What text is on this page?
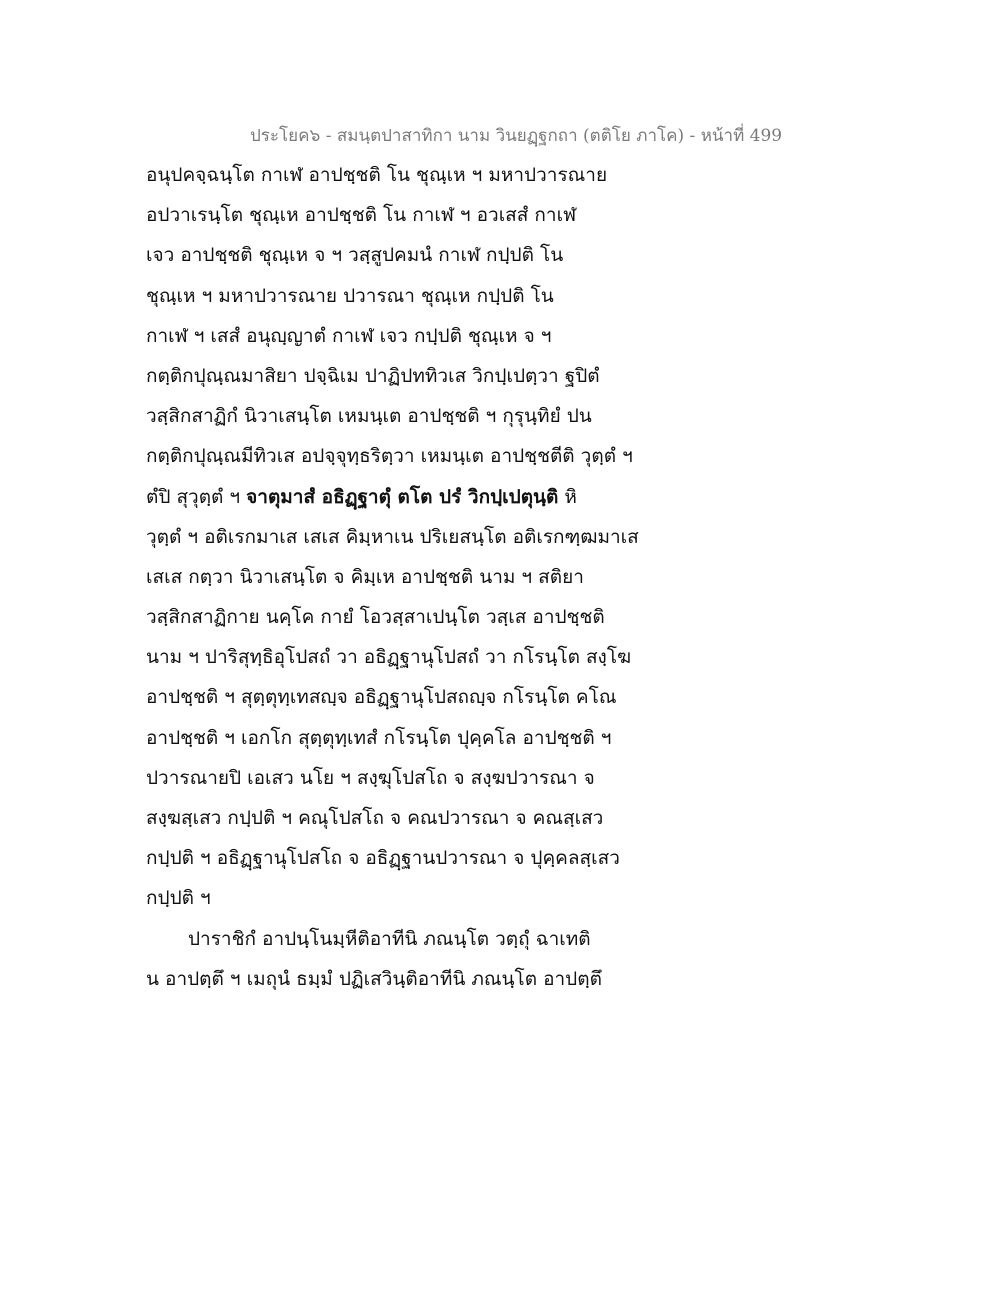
ประโยค๖ - สมนฺตปาสาทิกา นาม วินยฏฺฐกถา (ตติโย ภาโค) - หน้าที่ 499
อนุปคจฺฉนฺโต กาเฬ อาปชฺชติ โน ชุณฺเห ฯ มหาปวารณาย
อปวาเรนฺโต ชุณฺเห อาปชฺชติ โน กาเฬ ฯ อวเสสํ กาเฬ
เจว อาปชฺชติ ชุณฺเห จ ฯ วสฺสูปคมนํ กาเฬ กปฺปติ โน
ชุณฺเห ฯ มหาปวารณาย ปวารณา ชุณฺเห กปฺปติ โน
กาเฬ ฯ เสสํ อนุญฺญาตํ กาเฬ เจว กปฺปติ ชุณฺเห จ ฯ
กตฺติกปุณฺณมาสิยา ปจฺฉิเม ปาฏิปททิวเส วิกปฺเปตฺวา ฐปิตํ
วสฺสิกสาฏิกํ นิวาเสนฺโต เหมนฺเต อาปชฺชติ ฯ กุรุนฺทิยํ ปน
กตฺติกปุณฺณมีทิวเส อปจฺจุทฺธริตฺวา เหมนฺเต อาปชฺชตีติ วุตฺตํ ฯ
ตํปิ สุวุตฺตํ ฯ จาตุมาสํ อธิฏฺฐาตุํ ตโต ปรํ วิกปฺเปตุนฺติ หิ
วุตฺตํ ฯ อติเรกมาเส เสเส คิมฺหาเน ปริเยสนฺโต อติเรกฑฺฒมาเส
เสเส กตฺวา นิวาเสนฺโต จ คิมฺเห อาปชฺชติ นาม ฯ สติยา
วสฺสิกสาฏิกาย นคฺโค กายํ โอวสฺสาเปนฺโต วสฺเส อาปชฺชติ
นาม ฯ ปาริสุทฺธิอุโปสถํ วา อธิฏฺฐานุโปสถํ วา กโรนฺโต สงฺโฆ
อาปชฺชติ ฯ สุตฺตุทฺเทสญฺจ อธิฏฺฐานุโปสถญฺจ กโรนฺโต คโณ
อาปชฺชติ ฯ เอกโก สุตฺตุทฺเทสํ กโรนฺโต ปุคฺคโล อาปชฺชติ ฯ
ปวารณายปิ เอเสว นโย ฯ สงฺฆุโปสโถ จ สงฺฆปวารณา จ
สงฺฆสฺเสว กปฺปติ ฯ คณุโปสโถ จ คณปวารณา จ คณสฺเสว
กปฺปติ ฯ อธิฏฺฐานุโปสโถ จ อธิฏฺฐานปวารณา จ ปุคฺคลสฺเสว
กปฺปติ ฯ
ปาราชิกํ อาปนฺโนมฺหีติอาทีนิ ภณนฺโต วตฺถุํ ฉาเทติ
น อาปตฺตึ ฯ เมถุนํ ธมฺมํ ปฏิเสวินฺติอาทีนิ ภณนฺโต อาปตฺตึ
